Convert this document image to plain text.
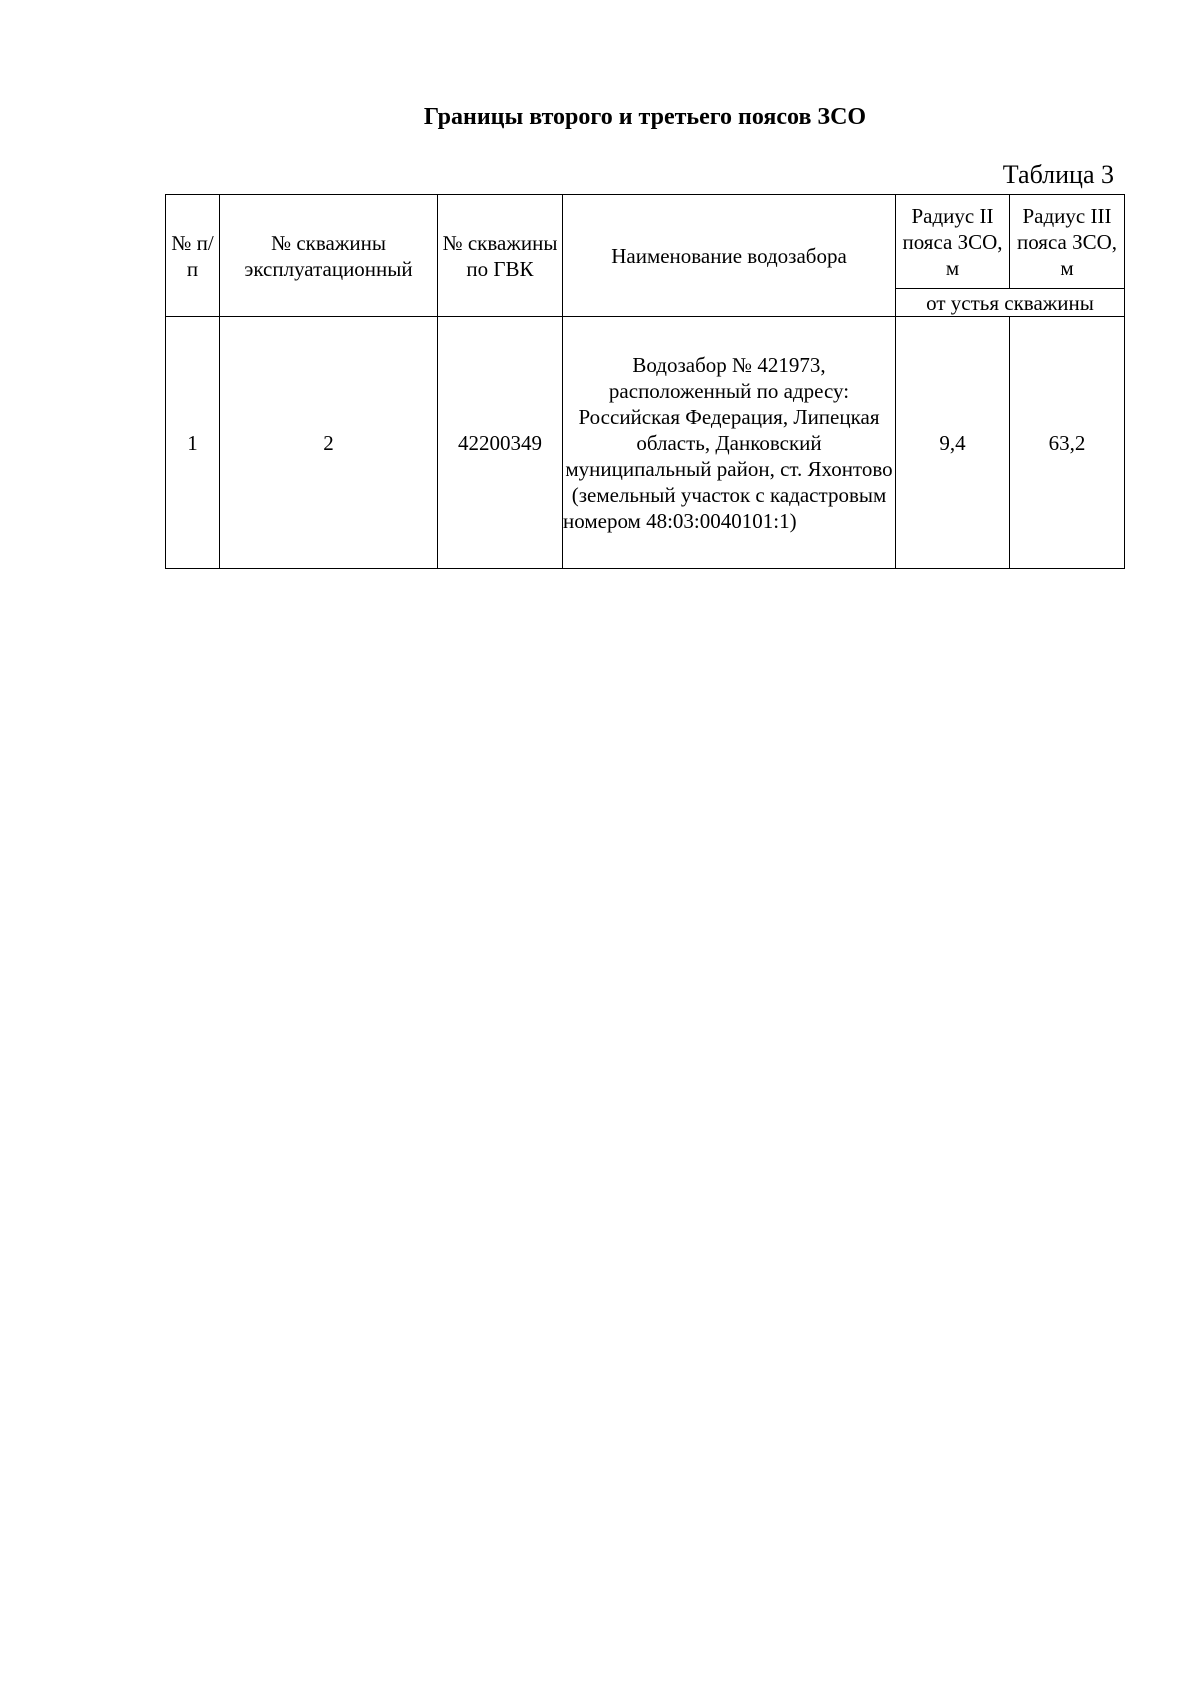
Границы второго и третьего поясов ЗСО
Таблица 3
№ п/п	№ скважины эксплуатационный	№ скважины по ГВК	Наименование водозабора	Радиус II пояса ЗСО, м	Радиус III пояса ЗСО, м
				от устья скважины	
1	2	42200349	Водозабор № 421973, расположенный по адресу: Российская Федерация, Липецкая область, Данковский муниципальный район, ст. Яхонтово (земельный участок с кадастровым номером 48:03:0040101:1)	9,4	63,2
